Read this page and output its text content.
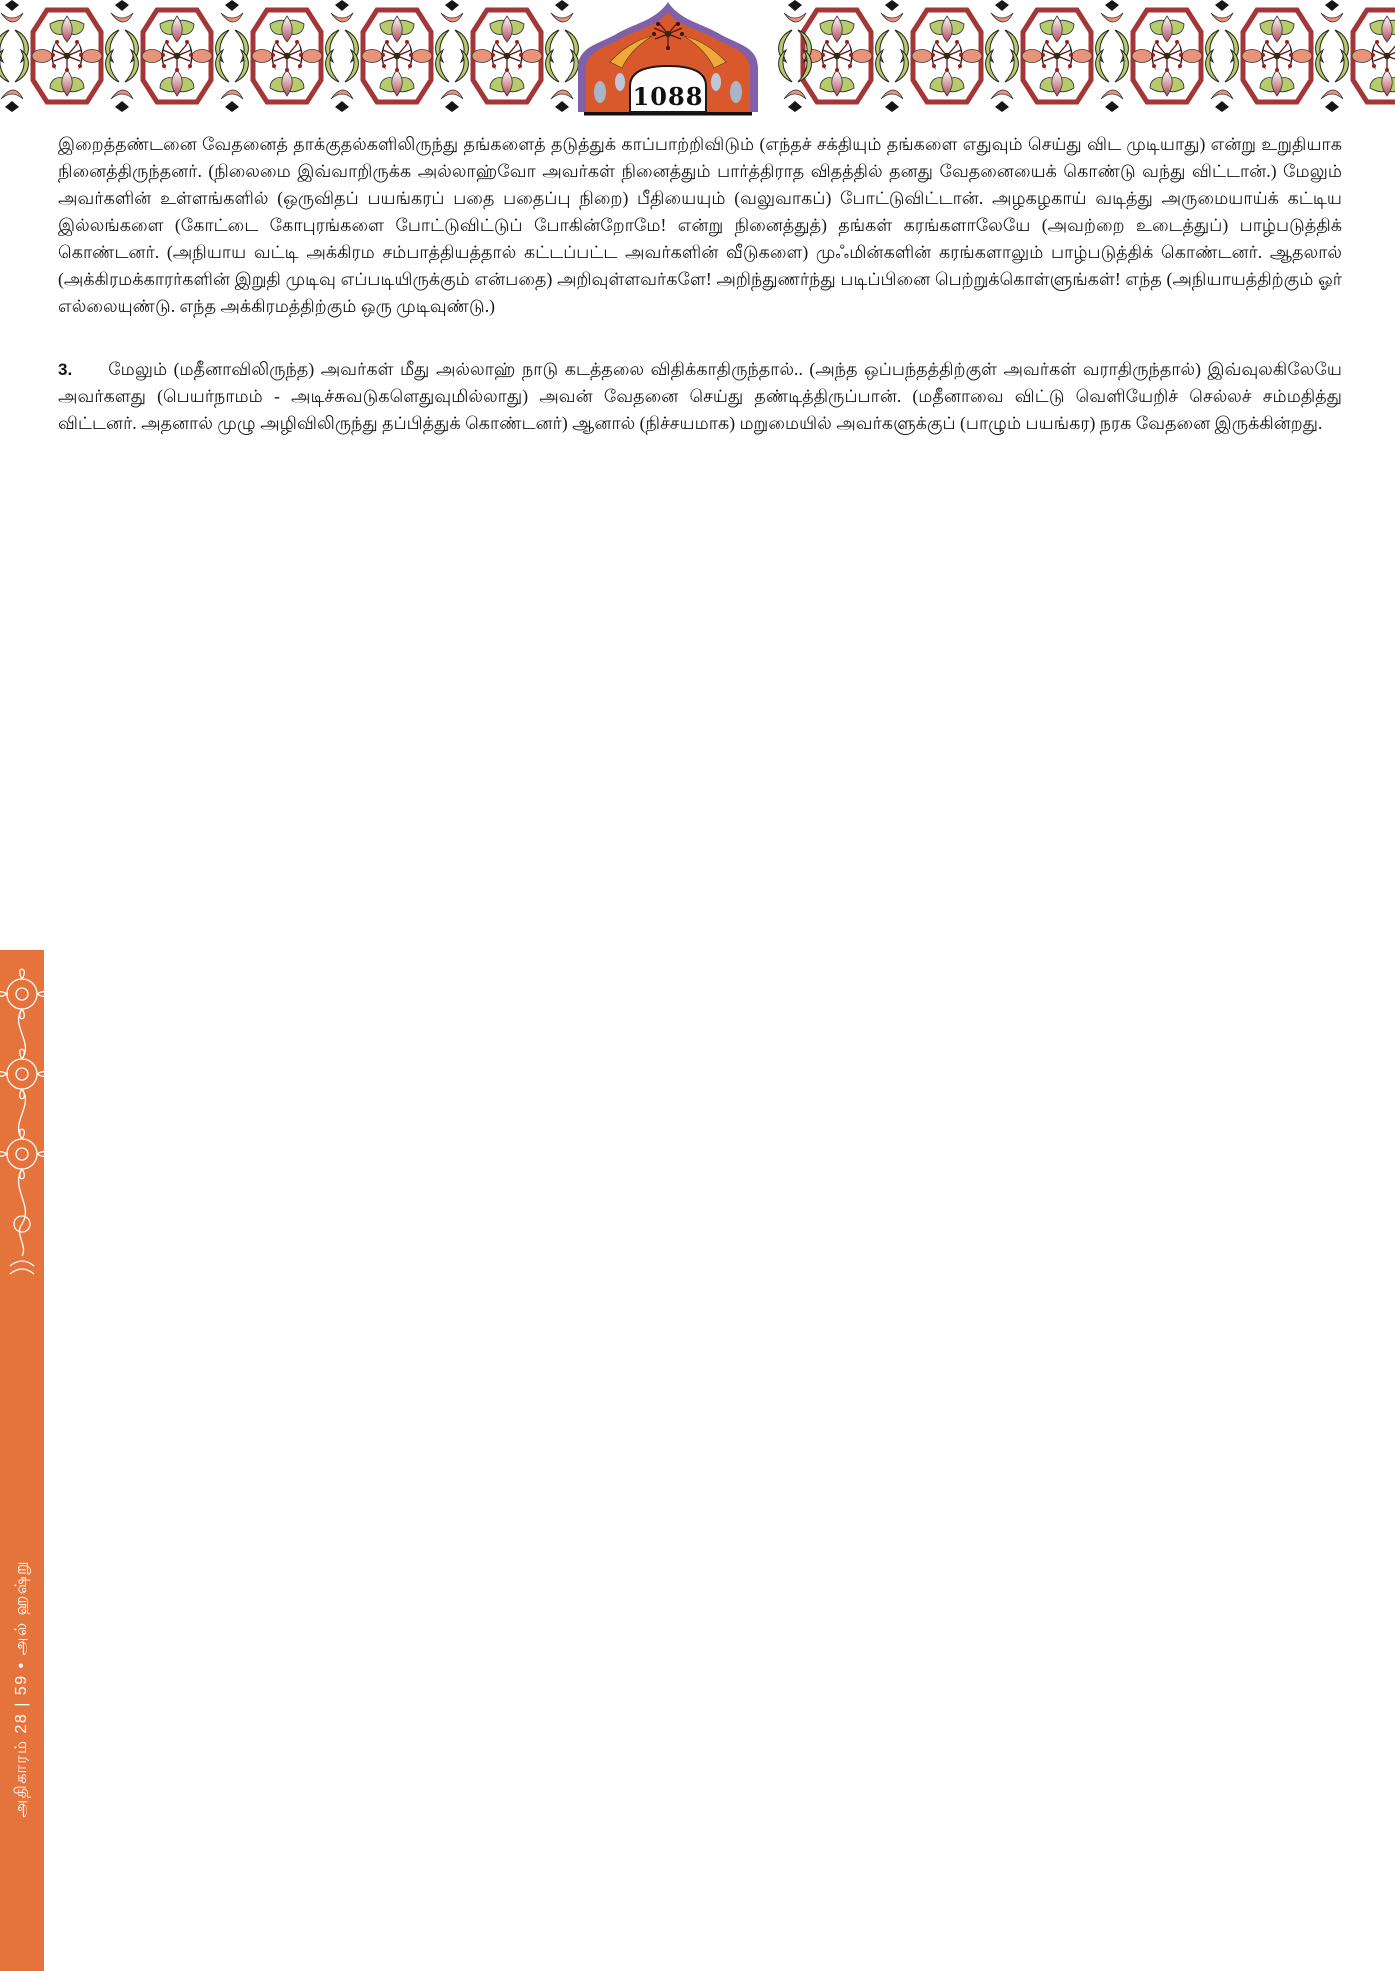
1088

இறைத்தண்டனை வேதனைத் தாக்குதல்களிலிருந்து தங்களைத் தடுத்துக் காப்பாற்றிவிடும் (எந்தச் சக்தியும் தங்களை எதுவும் செய்து விட முடியாது) என்று உறுதியாக நினைத்திருந்தனர். (நிலைமை இவ்வாறிருக்க அல்லாஹ்வோ அவர்கள் நினைத்தும் பார்த்திராத விதத்தில் தனது வேதனையைக் கொண்டு வந்து விட்டான்.) மேலும் அவர்களின் உள்ளங்களில் (ஒருவிதப் பயங்கரப் பதை பதைப்பு நிறை) பீதியையும் (வலுவாகப்) போட்டுவிட்டான். அழகழகாய் வடித்து அருமையாய்க் கட்டிய இல்லங்களை (கோட்டை கோபுரங்களை போட்டுவிட்டுப் போகின்றோமே! என்று நினைத்துத்) தங்கள் கரங்களாலேயே (அவற்றை உடைத்துப்) பாழ்படுத்திக் கொண்டனர். (அநியாய வட்டி அக்கிரம சம்பாத்தியத்தால் கட்டப்பட்ட அவர்களின் வீடுகளை) முஃமின்களின் கரங்களாலும் பாழ்படுத்திக் கொண்டனர். ஆதலால் (அக்கிரமக்காரர்களின் இறுதி முடிவு எப்படியிருக்கும் என்பதை) அறிவுள்ளவர்களே! அறிந்துணர்ந்து படிப்பினை பெற்றுக்கொள்ளுங்கள்! எந்த (அநியாயத்திற்கும் ஓர் எல்லையுண்டு. எந்த அக்கிரமத்திற்கும் ஒரு முடிவுண்டு.)

3. மேலும் (மதீனாவிலிருந்த) அவர்கள் மீது அல்லாஹ் நாடு கடத்தலை விதிக்காதிருந்தால்.. (அந்த ஒப்பந்தத்திற்குள் அவர்கள் வராதிருந்தால்) இவ்வுலகிலேயே அவர்களது (பெயர்நாமம் - அடிச்சுவடுகளெதுவுமில்லாது) அவன் வேதனை செய்து தண்டித்திருப்பான். (மதீனாவை விட்டு வெளியேறிச் செல்லச் சம்மதித்து விட்டனர். அதனால் முழு அழிவிலிருந்து தப்பித்துக் கொண்டனர்) ஆனால் (நிச்சயமாக) மறுமையில் அவர்களுக்குப் (பாழும் பயங்கர) நரக வேதனை இருக்கின்றது.

அதிகாரம் 28 | 59 • அல் ஹஷ்று
